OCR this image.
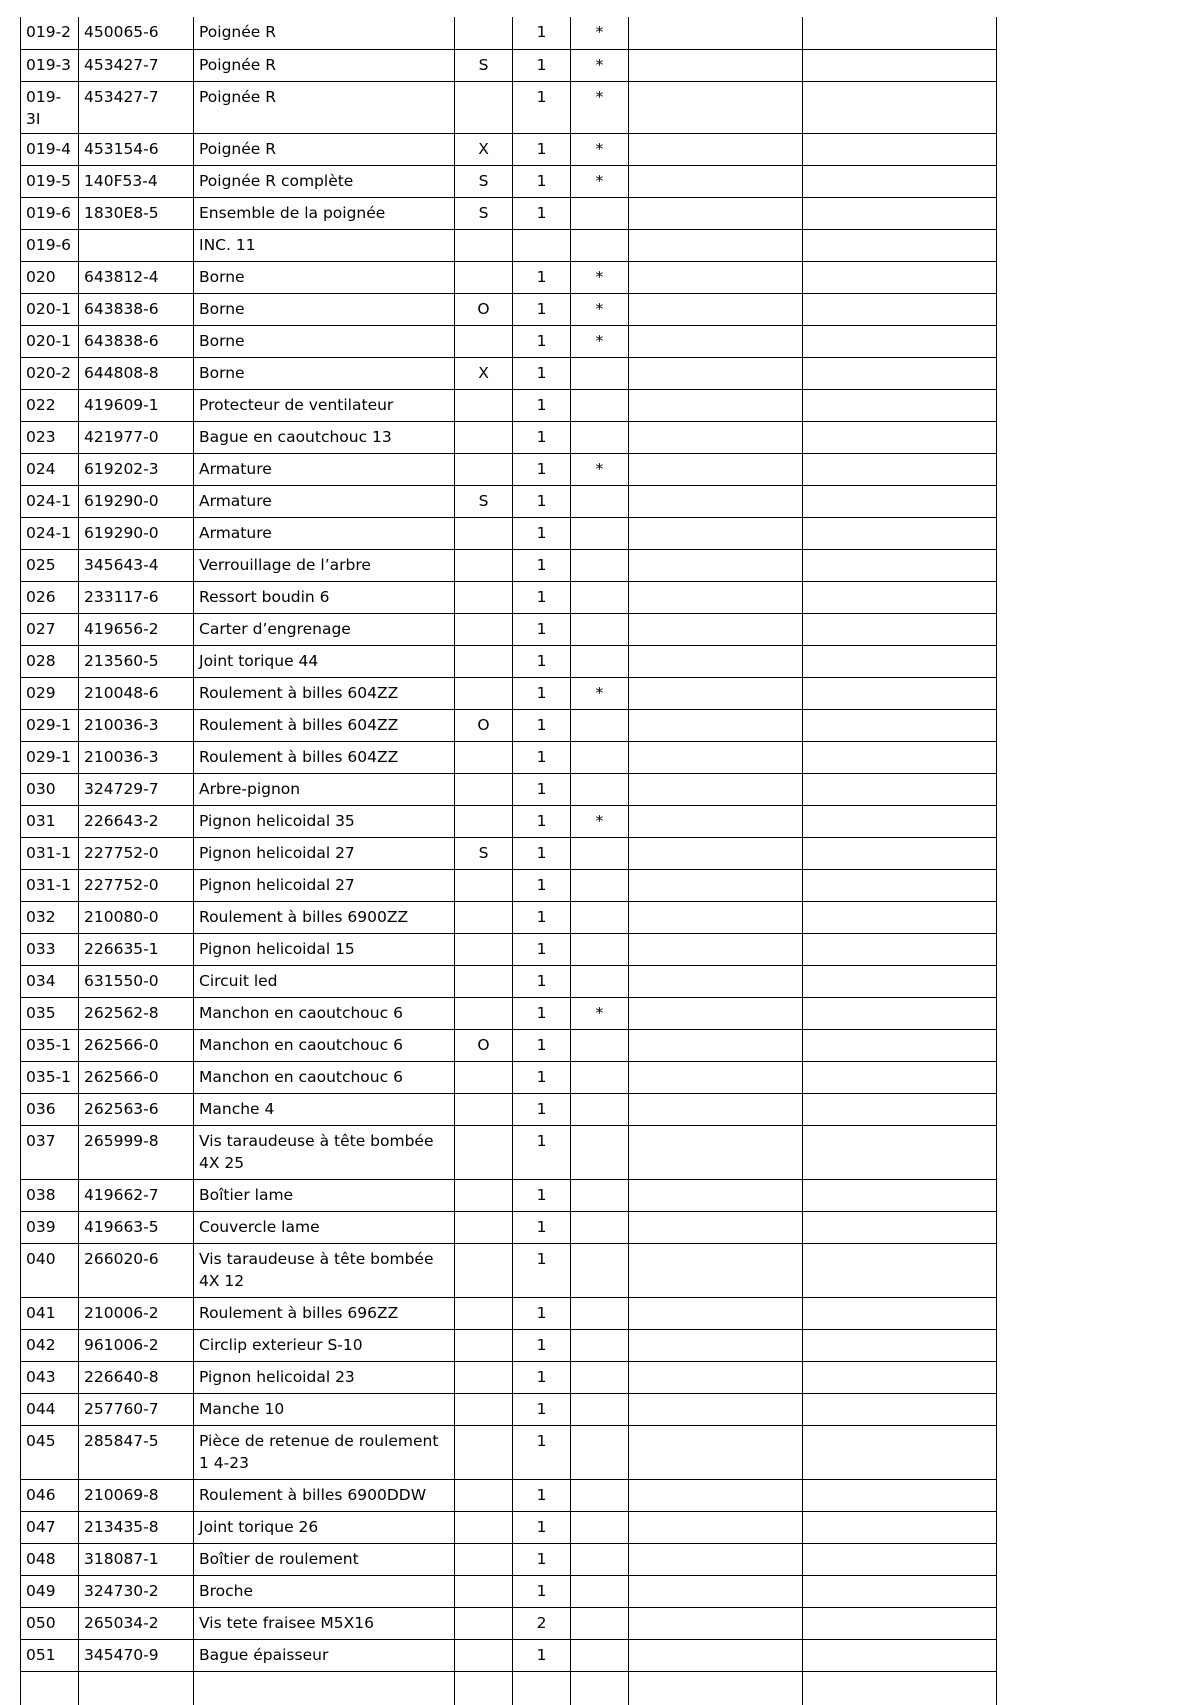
019-2	450065-6	Poignée R		1	*		
019-3	453427-7	Poignée R	S	1	*		
019-3I	453427-7	Poignée R		1	*		
019-4	453154-6	Poignée R	X	1	*		
019-5	140F53-4	Poignée R complète	S	1	*		
019-6	1830E8-5	Ensemble de la poignée	S	1			
019-6		INC. 11					
020	643812-4	Borne		1	*		
020-1	643838-6	Borne	O	1	*		
020-1	643838-6	Borne		1	*		
020-2	644808-8	Borne	X	1			
022	419609-1	Protecteur de ventilateur		1			
023	421977-0	Bague en caoutchouc 13		1			
024	619202-3	Armature		1	*		
024-1	619290-0	Armature	S	1			
024-1	619290-0	Armature		1			
025	345643-4	Verrouillage de l’arbre		1			
026	233117-6	Ressort boudin 6		1			
027	419656-2	Carter d’engrenage		1			
028	213560-5	Joint torique 44		1			
029	210048-6	Roulement à billes 604ZZ		1	*		
029-1	210036-3	Roulement à billes 604ZZ	O	1			
029-1	210036-3	Roulement à billes 604ZZ		1			
030	324729-7	Arbre-pignon		1			
031	226643-2	Pignon helicoidal 35		1	*		
031-1	227752-0	Pignon helicoidal 27	S	1			
031-1	227752-0	Pignon helicoidal 27		1			
032	210080-0	Roulement à billes 6900ZZ		1			
033	226635-1	Pignon helicoidal 15		1			
034	631550-0	Circuit led		1			
035	262562-8	Manchon en caoutchouc 6		1	*		
035-1	262566-0	Manchon en caoutchouc 6	O	1			
035-1	262566-0	Manchon en caoutchouc 6		1			
036	262563-6	Manche 4		1			
037	265999-8	Vis taraudeuse à tête bombée 4X 25		1			
038	419662-7	Boîtier lame		1			
039	419663-5	Couvercle lame		1			
040	266020-6	Vis taraudeuse à tête bombée 4X 12		1			
041	210006-2	Roulement à billes 696ZZ		1			
042	961006-2	Circlip exterieur S-10		1			
043	226640-8	Pignon helicoidal 23		1			
044	257760-7	Manche 10		1			
045	285847-5	Pièce de retenue de roulement 1 4-23		1			
046	210069-8	Roulement à billes 6900DDW		1			
047	213435-8	Joint torique 26		1			
048	318087-1	Boîtier de roulement		1			
049	324730-2	Broche		1			
050	265034-2	Vis tete fraisee M5X16		2			
051	345470-9	Bague épaisseur		1			
